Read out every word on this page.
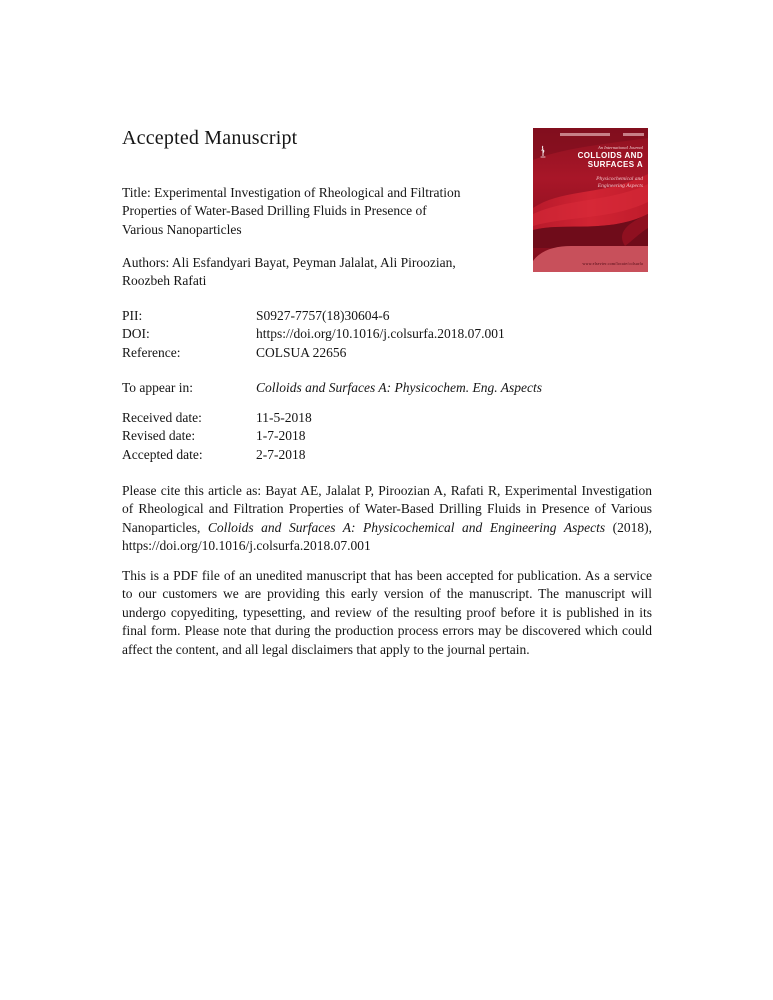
Accepted Manuscript	An International Journal
COLLOIDS AND
SURFACES A
Physicochemical and
Engineering Aspects
www.elsevier.com/locate/colsurfa
Title: Experimental Investigation of Rheological and Filtration
Properties of Water-Based Drilling Fluids in Presence of
Various Nanoparticles
Authors: Ali Esfandyari Bayat, Peyman Jalalat, Ali Piroozian,
Roozbeh Rafati
PII:	S0927-7757(18)30604-6
DOI:	https://doi.org/10.1016/j.colsurfa.2018.07.001
Reference:	COLSUA 22656
To appear in:	Colloids and Surfaces A: Physicochem. Eng. Aspects
Received date:	11-5-2018
Revised date:	1-7-2018
Accepted date:	2-7-2018

Please cite this article as: Bayat AE, Jalalat P, Piroozian A, Rafati R, Experimental Investigation of Rheological and Filtration Properties of Water-Based Drilling Fluids in Presence of Various Nanoparticles, Colloids and Surfaces A: Physicochemical and Engineering Aspects (2018), https://doi.org/10.1016/j.colsurfa.2018.07.001

This is a PDF file of an unedited manuscript that has been accepted for publication. As a service to our customers we are providing this early version of the manuscript. The manuscript will undergo copyediting, typesetting, and review of the resulting proof before it is published in its final form. Please note that during the production process errors may be discovered which could affect the content, and all legal disclaimers that apply to the journal pertain.
